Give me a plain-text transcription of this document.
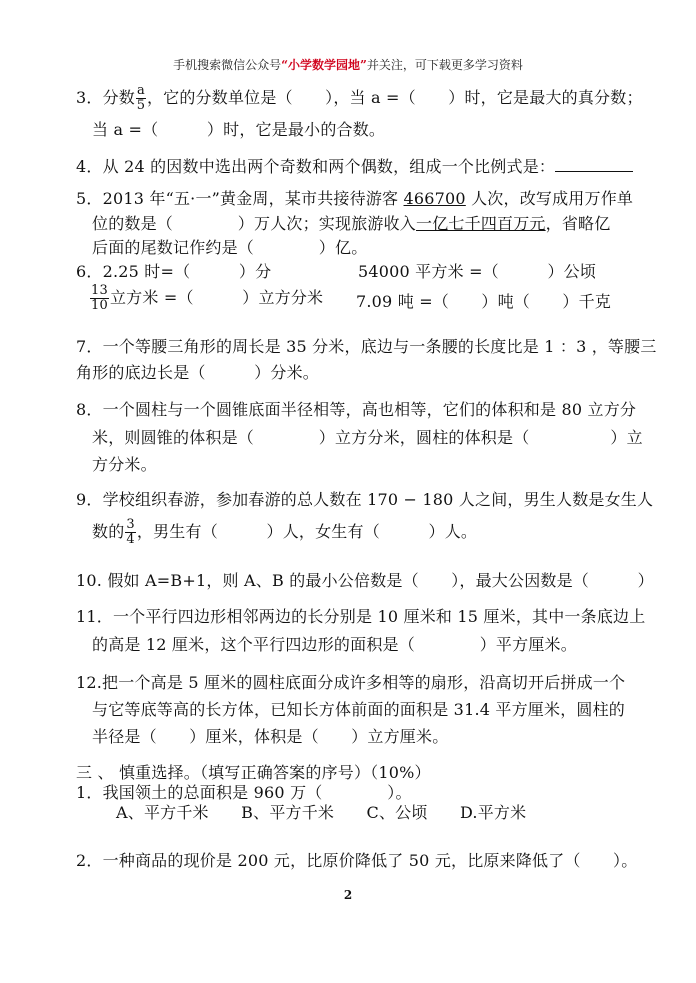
手机搜索微信公众号“小学数学园地”并关注，可下载更多学习资料
3．分数 $\frac{a}{5}$ ，它的分数单位是（　　），当 a =（　　）时，它是最大的真分数；
当 a =（　　　）时，它是最小的合数。
4．从 24 的因数中选出两个奇数和两个偶数，组成一个比例式是：
5．2013 年“五·一”黄金周，某市共接待游客 466700 人次，改写成用万作单
位的数是（　　　　）万人次；实现旅游收入一亿七千四百万元，省略亿
后面的尾数记作约是（　　　　）亿。
6．2.25 时=（　　　）分	54000 平方米 =（　　　）公顷
$\frac{13}{10}$ 立方米 =（　　　）立方分米 7.09 吨 =（　　）吨（　　）千克
7．一个等腰三角形的周长是 35 分米，底边与一条腰的长度比是 1 ：3 ，等腰三
角形的底边长是（　　　）分米。
8．一个圆柱与一个圆锥底面半径相等，高也相等，它们的体积和是 80 立方分
米，则圆锥的体积是（　　　　）立方分米，圆柱的体积是（　　　　　）立
方分米。
9．学校组织春游，参加春游的总人数在 170 − 180 人之间，男生人数是女生人
数的 $\frac{3}{4}$ ，男生有（　　　）人，女生有（　　　）人。
10. 假如 A=B+1，则 A、B 的最小公倍数是（　　），最大公因数是（　　　）
11．一个平行四边形相邻两边的长分别是 10 厘米和 15 厘米，其中一条底边上
的高是 12 厘米，这个平行四边形的面积是（　　　　）平方厘米。
12.把一个高是 5 厘米的圆柱底面分成许多相等的扇形，沿高切开后拼成一个
与它等底等高的长方体，已知长方体前面的面积是 31.4 平方厘米，圆柱的
半径是（　　）厘米，体积是（　　）立方厘米。
三 、 慎重选择。（填写正确答案的序号）（10%）
1．我国领土的总面积是 960 万（　　　　）。
A、平方千米　　B、平方千米　　C、公顷　　D.平方米
2．一种商品的现价是 200 元，比原价降低了 50 元，比原来降低了（　　）。
2
